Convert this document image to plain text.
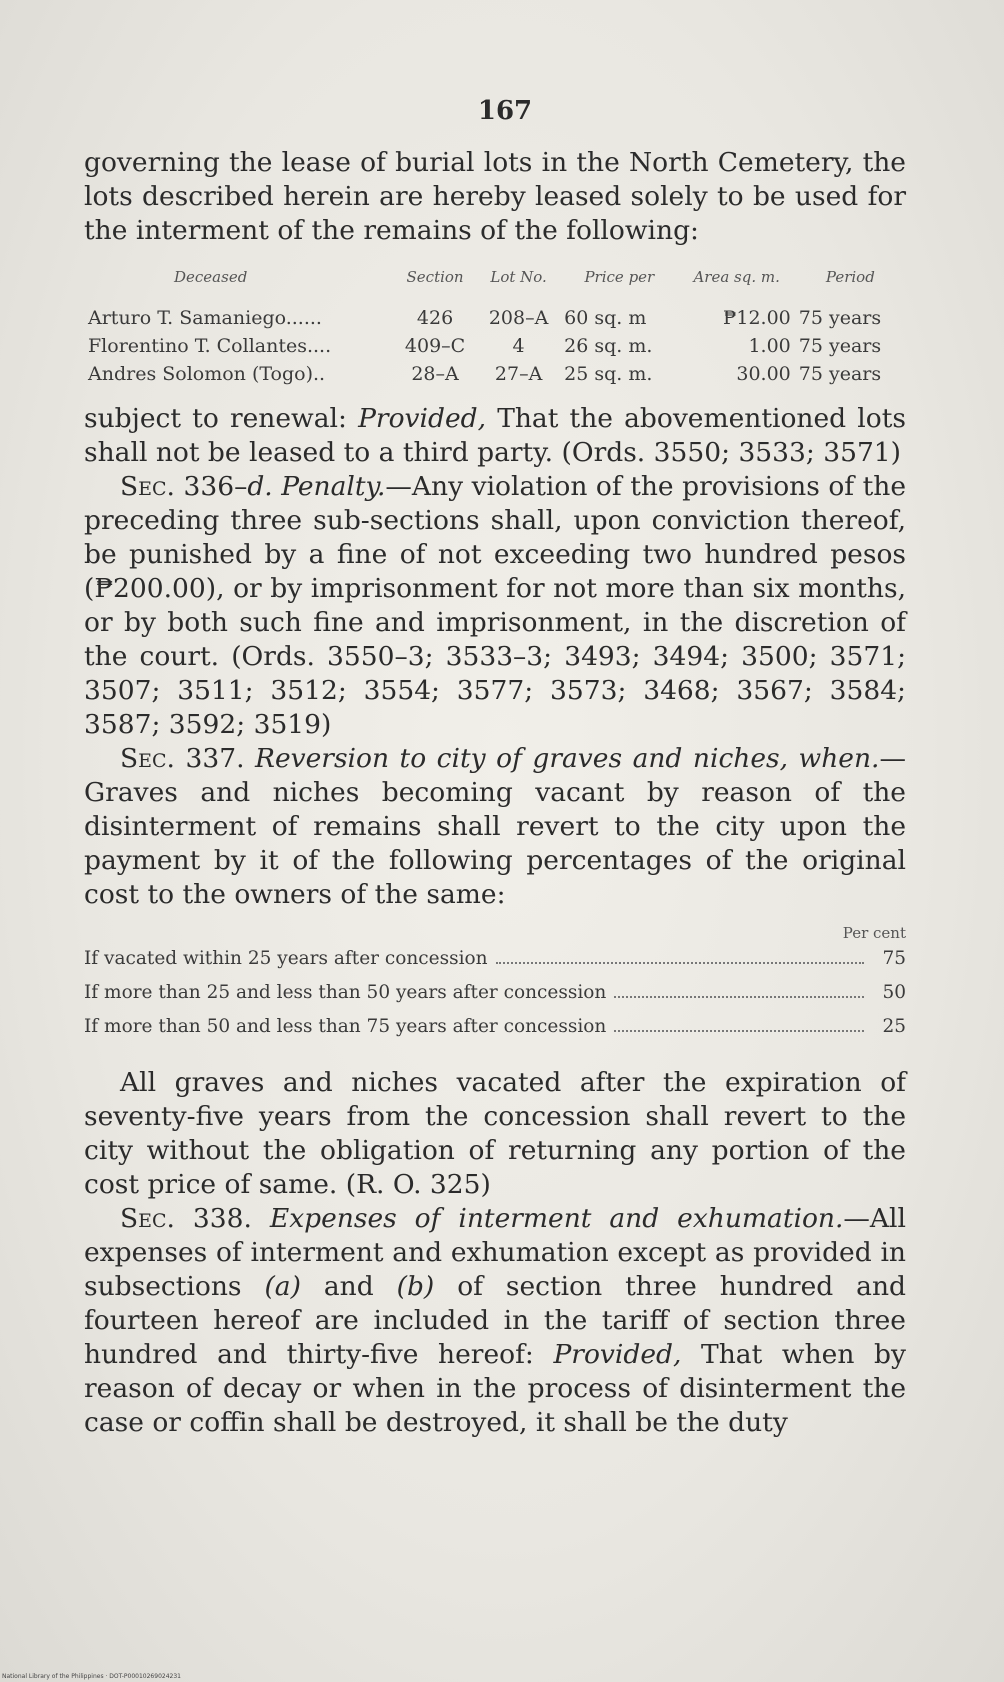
167

governing the lease of burial lots in the North Cemetery, the lots described herein are hereby leased solely to be used for the interment of the remains of the following:

Deceased	Section	Lot No.	Price per	Area sq. m.	Period
Arturo T. Samaniego......	426	208–A	60 sq. m	₱12.00	75 years
Florentino T. Collantes....	409–C	4	26 sq. m.	1.00	75 years
Andres Solomon (Togo)..	28–A	27–A	25 sq. m.	30.00	75 years

subject to renewal: Provided, That the abovementioned lots shall not be leased to a third party. (Ords. 3550; 3533; 3571)

Sec. 336–d. Penalty.—Any violation of the provisions of the preceding three sub-sections shall, upon conviction thereof, be punished by a fine of not exceeding two hundred pesos (₱200.00), or by imprisonment for not more than six months, or by both such fine and imprisonment, in the discretion of the court. (Ords. 3550–3; 3533–3; 3493; 3494; 3500; 3571; 3507; 3511; 3512; 3554; 3577; 3573; 3468; 3567; 3584; 3587; 3592; 3519)

Sec. 337. Reversion to city of graves and niches, when.—Graves and niches becoming vacant by reason of the disinterment of remains shall revert to the city upon the payment by it of the following percentages of the original cost to the owners of the same:

Per cent
If vacated within 25 years after concession	75
If more than 25 and less than 50 years after concession	50
If more than 50 and less than 75 years after concession	25

All graves and niches vacated after the expiration of seventy-five years from the concession shall revert to the city without the obligation of returning any portion of the cost price of same. (R. O. 325)

Sec. 338. Expenses of interment and exhumation.—All expenses of interment and exhumation except as provided in subsections (a) and (b) of section three hundred and fourteen hereof are included in the tariff of section three hundred and thirty-five hereof: Provided, That when by reason of decay or when in the process of disinterment the case or coffin shall be destroyed, it shall be the duty

National Library of the Philippines · DOT-P00010269024231
